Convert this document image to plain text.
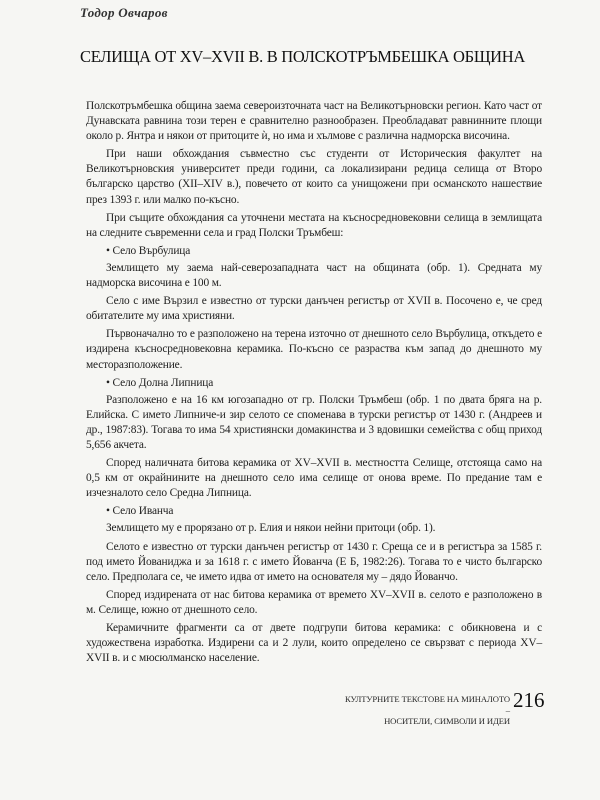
Тодор Овчаров
СЕЛИЩА ОТ XV–XVII В. В ПОЛСКОТРЪМБЕШКА ОБЩИНА

Полскотръмбешка община заема североизточната част на Великотърновски регион. Като част от Дунавската равнина този терен е сравнително разнообразен. Преобладават равнинните площи около р. Янтра и някои от притоците ѝ, но има и хълмове с различна надморска височина.

При наши обхождания съвместно със студенти от Историческия факултет на Великотърновския университет преди години, са локализирани редица селища от Второ българско царство (XII–XIV в.), повечето от които са унищожени при османското нашествие през 1393 г. или малко по-късно.

При същите обхождания са уточнени местата на късносредновековни селища в землищата на следните съвременни села и град Полски Тръмбеш:

• Село Върбулица

Землището му заема най-северозападната част на общината (обр. 1). Средната му надморска височина е 100 м.

Село с име Вързил е известно от турски данъчен регистър от XVII в. Посочено е, че сред обитателите му има християни.

Първоначално то е разположено на терена източно от днешното село Върбулица, откъдето е издирена късносредновековна керамика. По-късно се разраства към запад до днешното му месторазположение.

• Село Долна Липница

Разположено е на 16 км югозападно от гр. Полски Тръмбеш (обр. 1 по двата бряга на р. Елийска. С името Липниче-и зир селото се споменава в турски регистър от 1430 г. (Андреев и др., 1987:83). Тогава то има 54 християнски домакинства и 3 вдовишки семейства с общ приход 5,656 акчета.

Според наличната битова керамика от XV–XVII в. местността Селище, отстояща само на 0,5 км от окрайнините на днешното село има селище от онова време. По предание там е изчезналото село Средна Липница.

• Село Иванча

Землището му е прорязано от р. Елия и някои нейни притоци (обр. 1).

Селото е известно от турски данъчен регистър от 1430 г. Среща се и в регистъра за 1585 г. под името Йованиджа и за 1618 г. с името Йованча (Е Б, 1982:26). Тогава то е чисто българско село. Предполага се, че името идва от името на основателя му – дядо Йованчо.

Според издирената от нас битова керамика от времето XV–XVII в. селото е разположено в м. Селище, южно от днешното село.

Керамичните фрагменти са от двете подгрупи битова керамика: с обикновена и с художествена изработка. Издирени са и 2 лули, които определено се свързват с периода XV–XVII в. и с мюсюлманско население.

КУЛТУРНИТЕ ТЕКСТОВЕ НА МИНАЛОТО –
НОСИТЕЛИ, СИМВОЛИ И ИДЕИ
216
